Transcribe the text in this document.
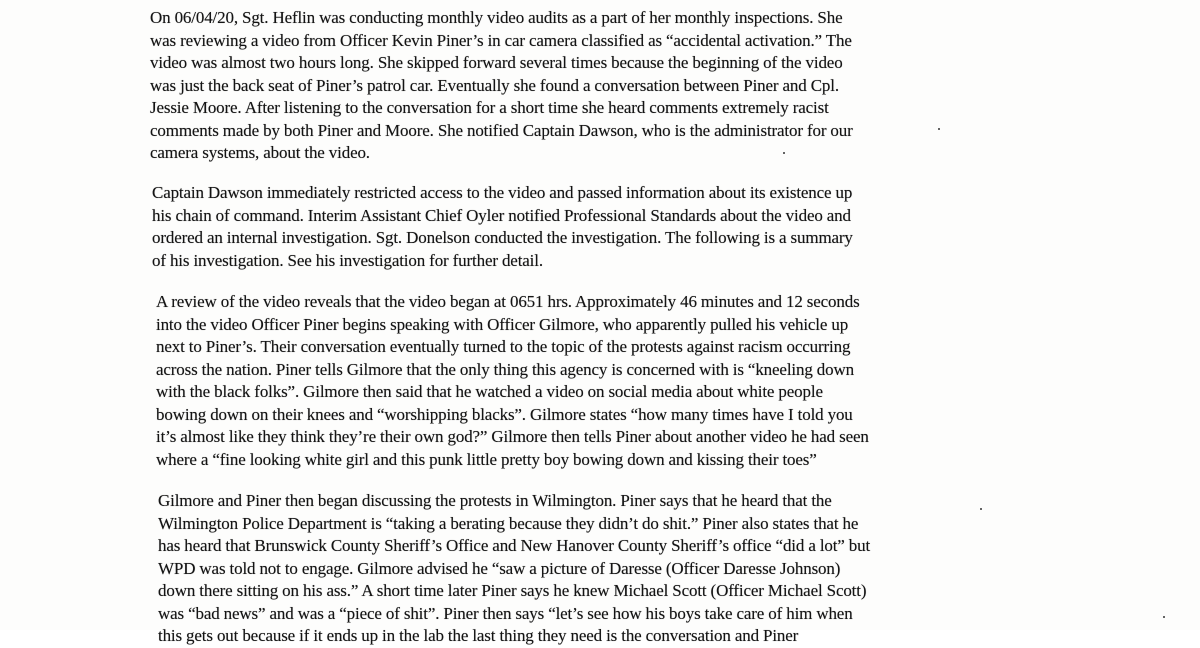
On 06/04/20, Sgt. Heflin was conducting monthly video audits as a part of her monthly inspections. She
was reviewing a video from Officer Kevin Piner’s in car camera classified as “accidental activation.” The
video was almost two hours long. She skipped forward several times because the beginning of the video
was just the back seat of Piner’s patrol car. Eventually she found a conversation between Piner and Cpl.
Jessie Moore. After listening to the conversation for a short time she heard comments extremely racist
comments made by both Piner and Moore. She notified Captain Dawson, who is the administrator for our
camera systems, about the video.
Captain Dawson immediately restricted access to the video and passed information about its existence up
his chain of command. Interim Assistant Chief Oyler notified Professional Standards about the video and
ordered an internal investigation. Sgt. Donelson conducted the investigation. The following is a summary
of his investigation. See his investigation for further detail.
A review of the video reveals that the video began at 0651 hrs. Approximately 46 minutes and 12 seconds
into the video Officer Piner begins speaking with Officer Gilmore, who apparently pulled his vehicle up
next to Piner’s. Their conversation eventually turned to the topic of the protests against racism occurring
across the nation. Piner tells Gilmore that the only thing this agency is concerned with is “kneeling down
with the black folks”. Gilmore then said that he watched a video on social media about white people
bowing down on their knees and “worshipping blacks”. Gilmore states “how many times have I told you
it’s almost like they think they’re their own god?” Gilmore then tells Piner about another video he had seen
where a “fine looking white girl and this punk little pretty boy bowing down and kissing their toes”
Gilmore and Piner then began discussing the protests in Wilmington. Piner says that he heard that the
Wilmington Police Department is “taking a berating because they didn’t do shit.” Piner also states that he
has heard that Brunswick County Sheriff’s Office and New Hanover County Sheriff’s office “did a lot” but
WPD was told not to engage. Gilmore advised he “saw a picture of Daresse (Officer Daresse Johnson)
down there sitting on his ass.” A short time later Piner says he knew Michael Scott (Officer Michael Scott)
was “bad news” and was a “piece of shit”. Piner then says “let’s see how his boys take care of him when
this gets out because if it ends up in the lab the last thing they need is the conversation and Piner
